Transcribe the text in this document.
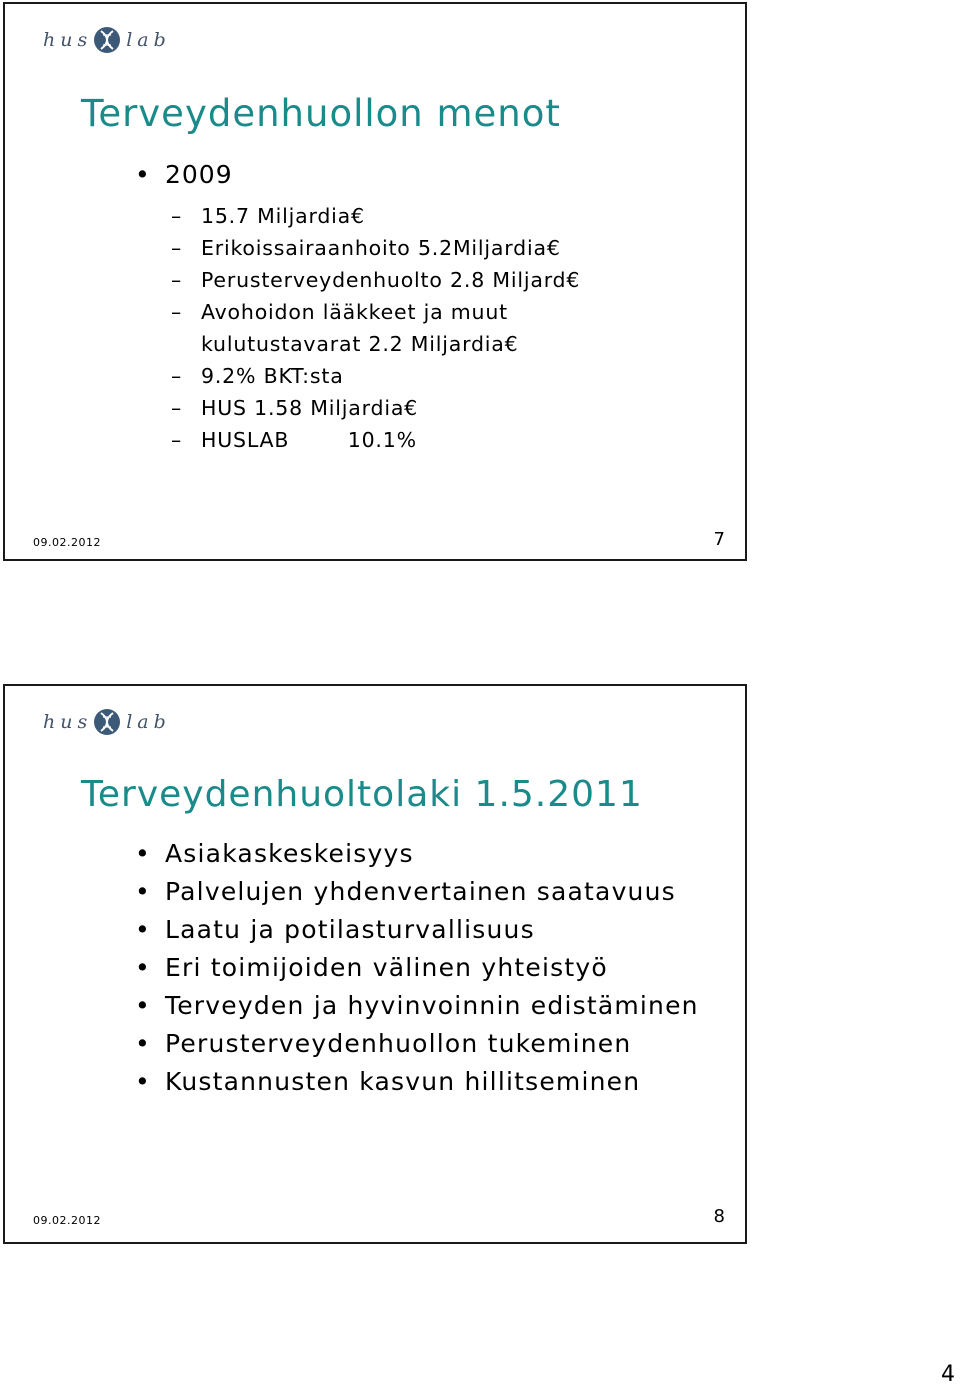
hus lab
Terveydenhuollon menot
• 2009
– 15.7 Miljardia€
– Erikoissairaanhoito 5.2Miljardia€
– Perusterveydenhuolto 2.8 Miljard€
– Avohoidon lääkkeet ja muut
kulutustavarat 2.2 Miljardia€
– 9.2% BKT:sta
– HUS 1.58 Miljardia€
– HUSLAB        10.1%
09.02.2012	7
hus lab
Terveydenhuoltolaki 1.5.2011
• Asiakaskeskeisyys
• Palvelujen yhdenvertainen saatavuus
• Laatu ja potilasturvallisuus
• Eri toimijoiden välinen yhteistyö
• Terveyden ja hyvinvoinnin edistäminen
• Perusterveydenhuollon tukeminen
• Kustannusten kasvun hillitseminen
09.02.2012	8
4
